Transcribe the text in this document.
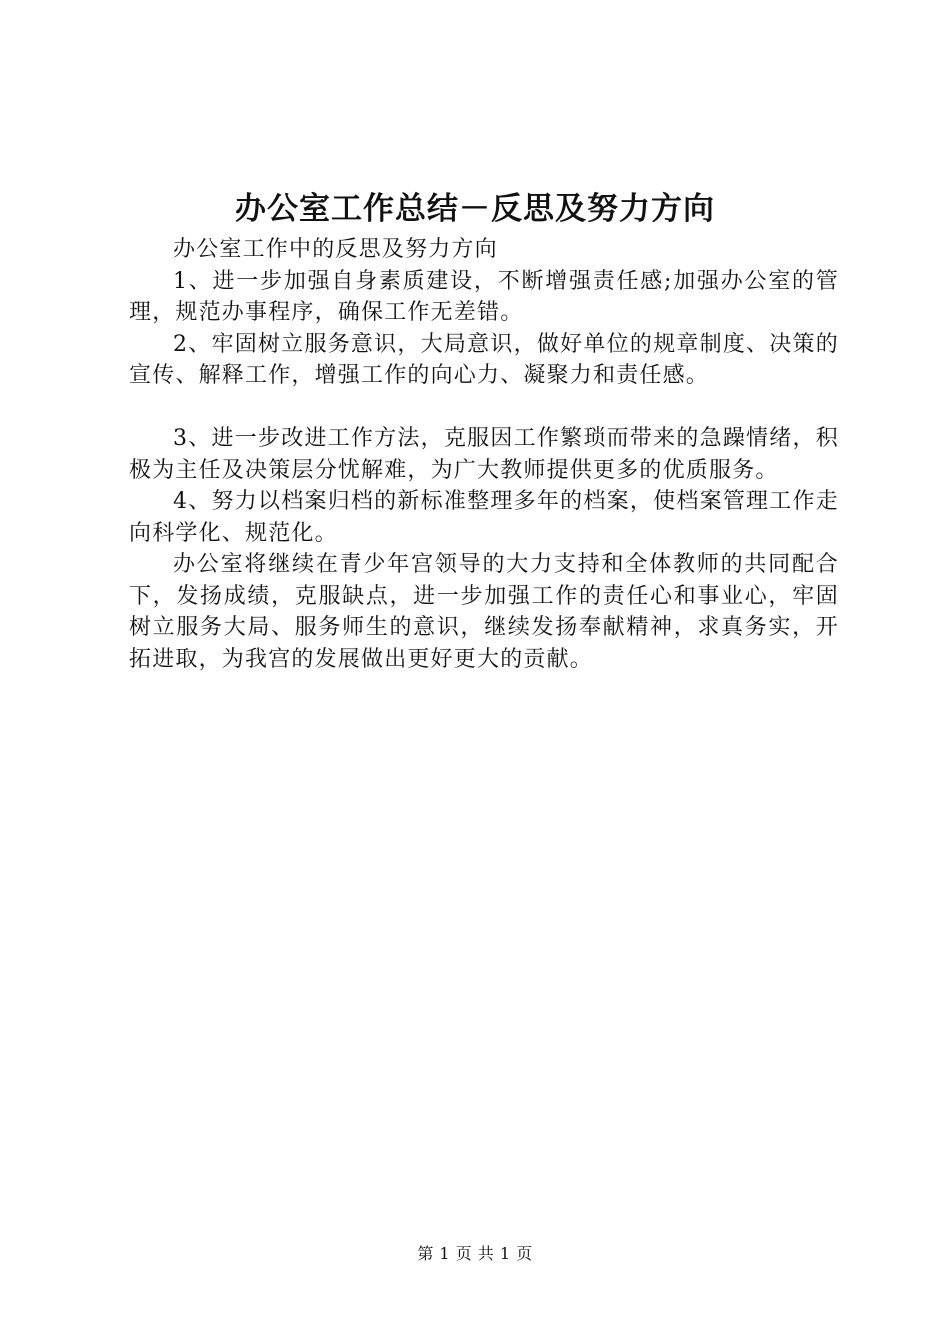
办公室工作总结－反思及努力方向

办公室工作中的反思及努力方向

1、进一步加强自身素质建设，不断增强责任感;加强办公室的管理，规范办事程序，确保工作无差错。

2、牢固树立服务意识，大局意识，做好单位的规章制度、决策的宣传、解释工作，增强工作的向心力、凝聚力和责任感。

3、进一步改进工作方法，克服因工作繁琐而带来的急躁情绪，积极为主任及决策层分忧解难，为广大教师提供更多的优质服务。

4、努力以档案归档的新标准整理多年的档案，使档案管理工作走向科学化、规范化。

办公室将继续在青少年宫领导的大力支持和全体教师的共同配合下，发扬成绩，克服缺点，进一步加强工作的责任心和事业心，牢固树立服务大局、服务师生的意识，继续发扬奉献精神，求真务实，开拓进取，为我宫的发展做出更好更大的贡献。

第 1 页 共 1 页
